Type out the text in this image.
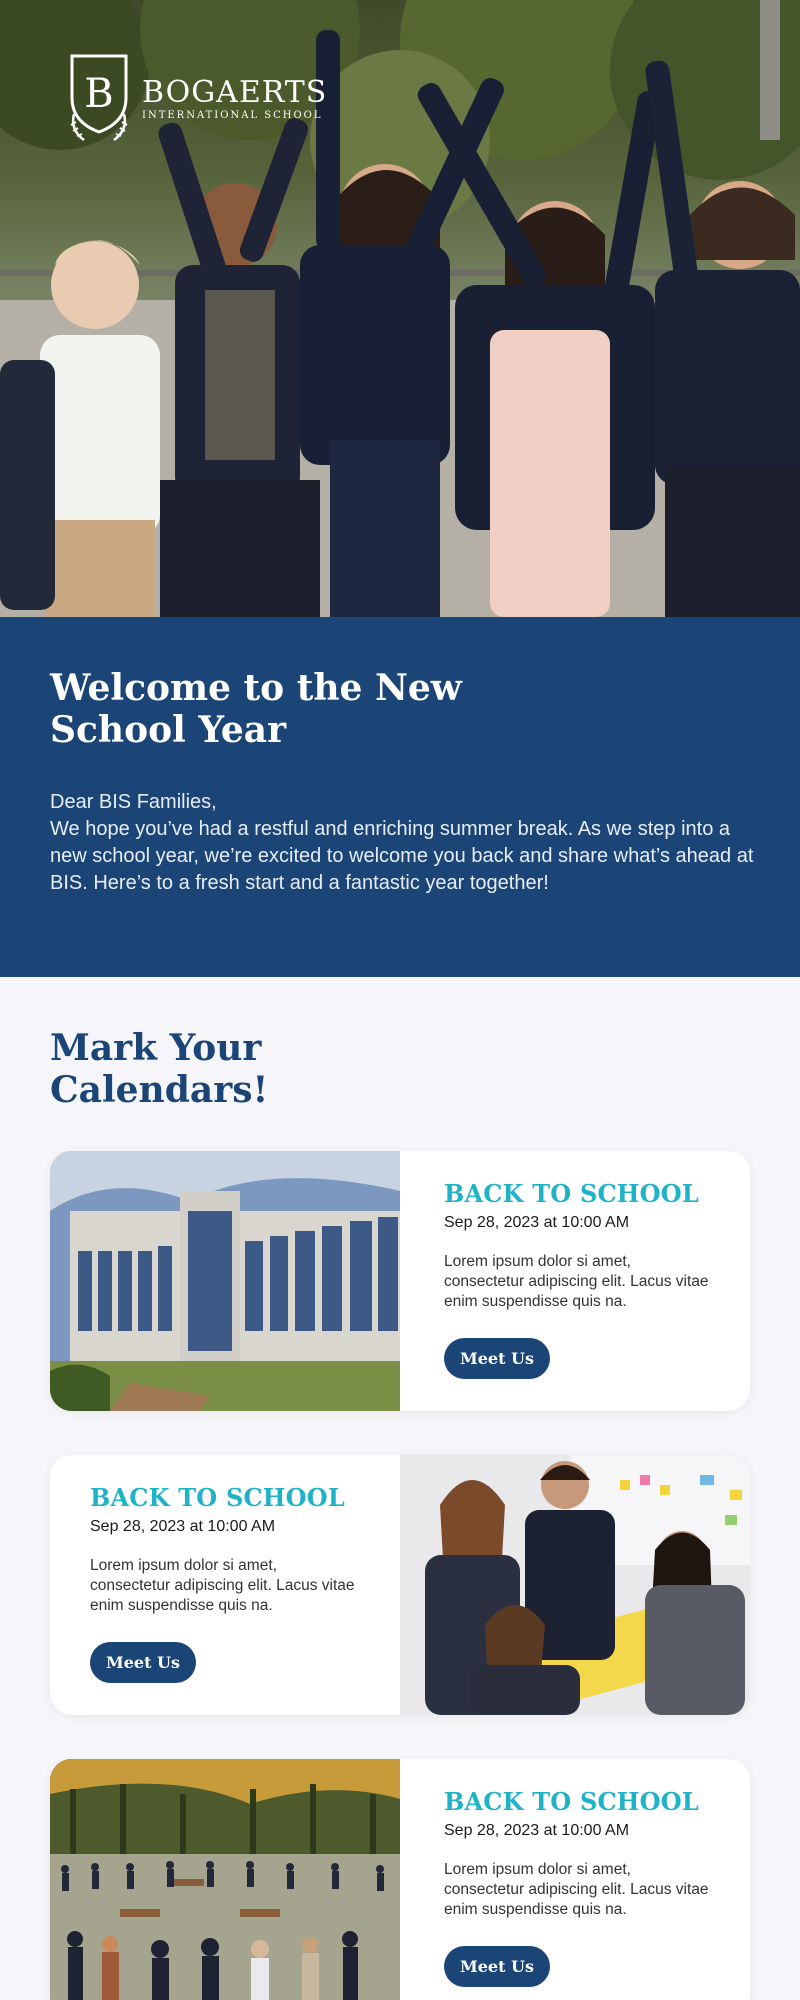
B BOGAERTS
INTERNATIONAL SCHOOL
Welcome to the New School Year

Dear BIS Families,

We hope you’ve had a restful and enriching summer break. As we step into a new school year, we’re excited to welcome you back and share what’s ahead at BIS. Here’s to a fresh start and a fantastic year together!

Mark Your Calendars!
BACK TO SCHOOL
Sep 28, 2023 at 10:00 AM

Lorem ipsum dolor si amet, consectetur adipiscing elit. Lacus vitae enim suspendisse quis na.

Meet Us
BACK TO SCHOOL
Sep 28, 2023 at 10:00 AM

Lorem ipsum dolor si amet, consectetur adipiscing elit. Lacus vitae enim suspendisse quis na.

Meet Us
BACK TO SCHOOL
Sep 28, 2023 at 10:00 AM

Lorem ipsum dolor si amet, consectetur adipiscing elit. Lacus vitae enim suspendisse quis na.

Meet Us
